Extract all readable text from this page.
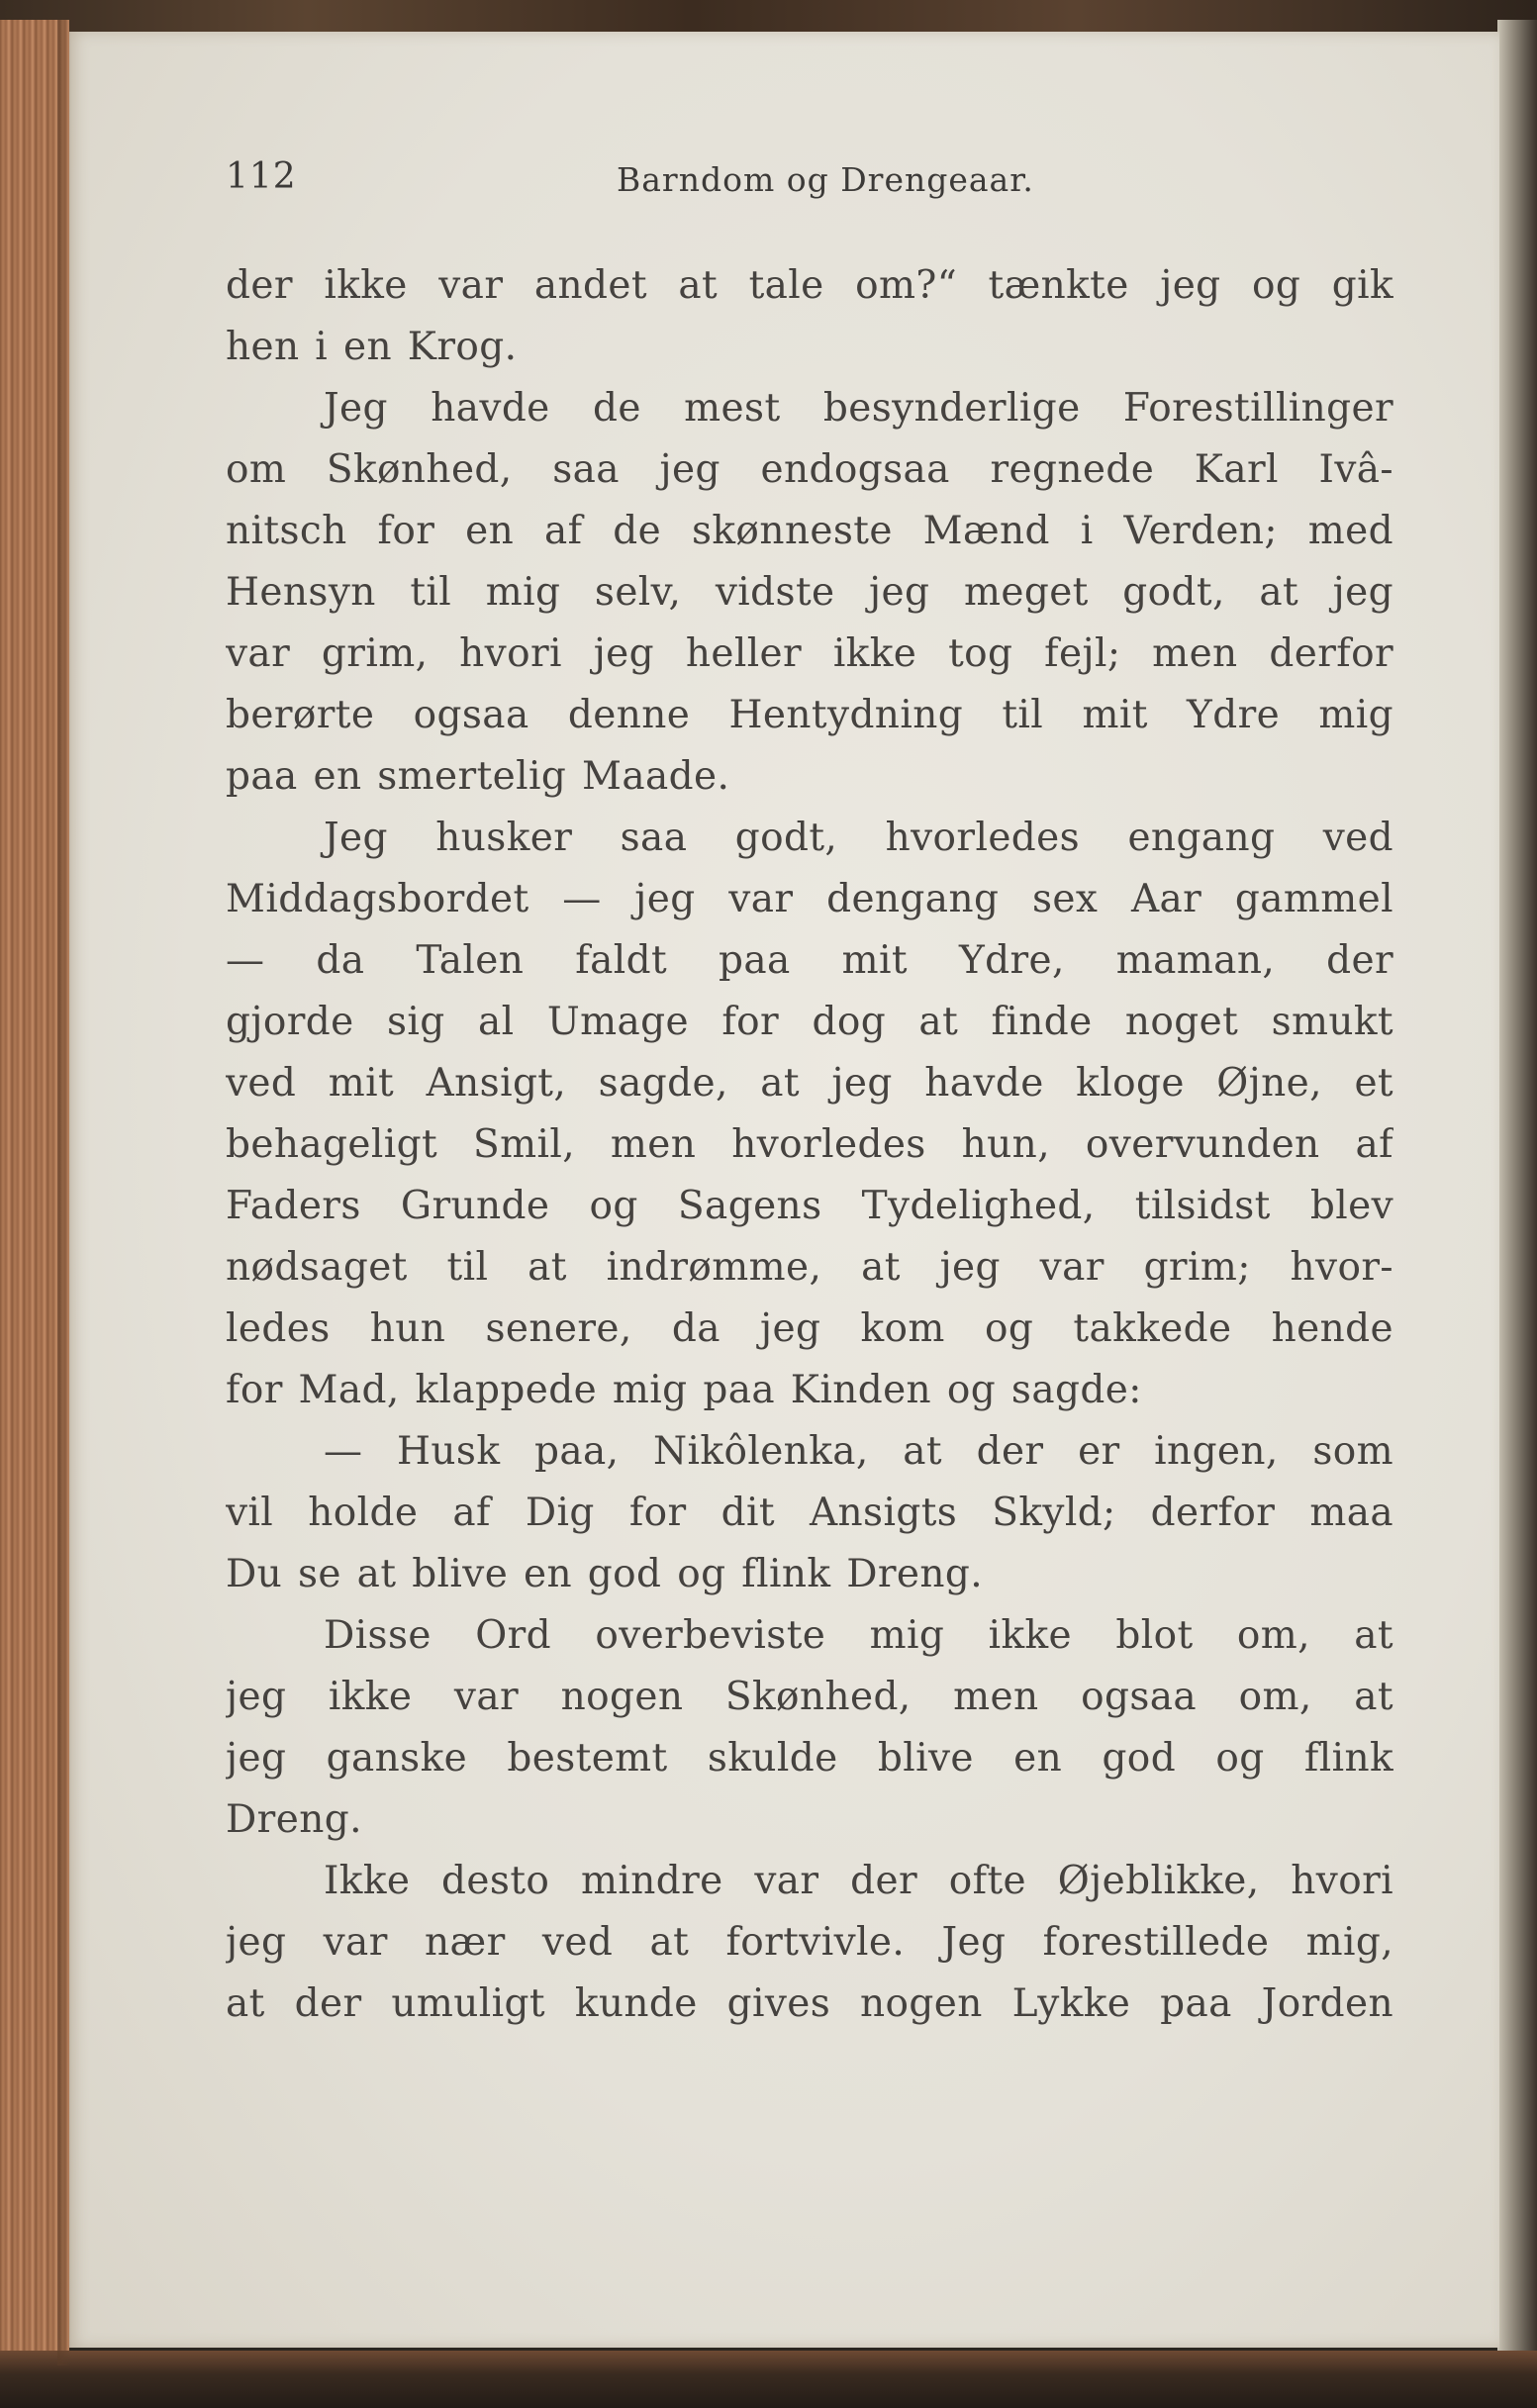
112	Barndom og Drengeaar.
der ikke var andet at tale om?“ tænkte jeg og gik
hen i en Krog.
Jeg havde de mest besynderlige Forestillinger
om Skønhed, saa jeg endogsaa regnede Karl Ivâ-
nitsch for en af de skønneste Mænd i Verden; med
Hensyn til mig selv, vidste jeg meget godt, at jeg
var grim, hvori jeg heller ikke tog fejl; men derfor
berørte ogsaa denne Hentydning til mit Ydre mig
paa en smertelig Maade.
Jeg husker saa godt, hvorledes engang ved
Middagsbordet — jeg var dengang sex Aar gammel
— da Talen faldt paa mit Ydre, maman, der
gjorde sig al Umage for dog at finde noget smukt
ved mit Ansigt, sagde, at jeg havde kloge Øjne, et
behageligt Smil, men hvorledes hun, overvunden af
Faders Grunde og Sagens Tydelighed, tilsidst blev
nødsaget til at indrømme, at jeg var grim; hvor-
ledes hun senere, da jeg kom og takkede hende
for Mad, klappede mig paa Kinden og sagde:
— Husk paa, Nikôlenka, at der er ingen, som
vil holde af Dig for dit Ansigts Skyld; derfor maa
Du se at blive en god og flink Dreng.
Disse Ord overbeviste mig ikke blot om, at
jeg ikke var nogen Skønhed, men ogsaa om, at
jeg ganske bestemt skulde blive en god og flink
Dreng.
Ikke desto mindre var der ofte Øjeblikke, hvori
jeg var nær ved at fortvivle. Jeg forestillede mig,
at der umuligt kunde gives nogen Lykke paa Jorden
